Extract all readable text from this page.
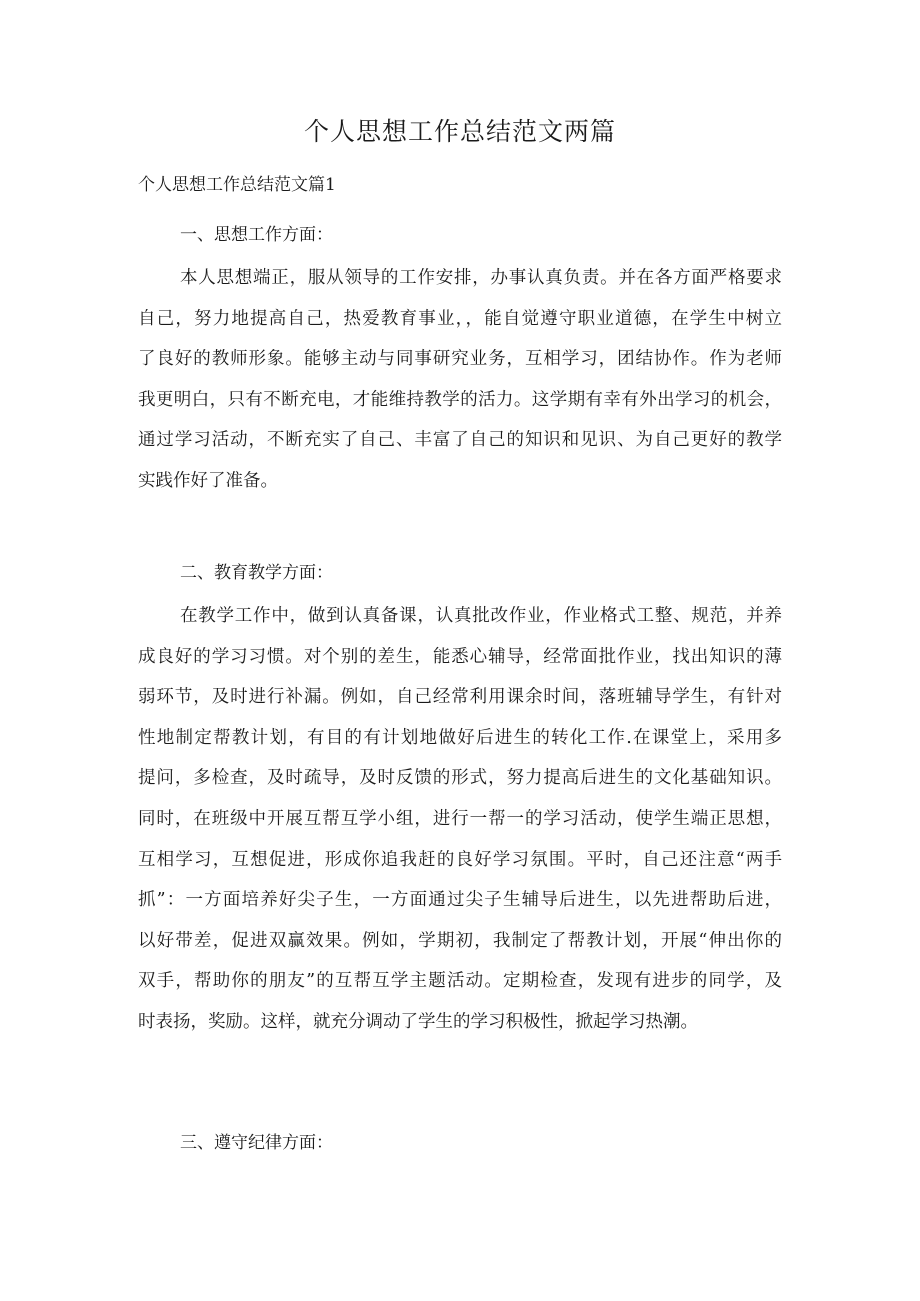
个人思想工作总结范文两篇

个人思想工作总结范文篇1

一、思想工作方面：
本人思想端正，服从领导的工作安排，办事认真负责。并在各方面严格要求
自己，努力地提高自己，热爱教育事业，，能自觉遵守职业道德，在学生中树立
了良好的教师形象。能够主动与同事研究业务，互相学习，团结协作。作为老师
我更明白，只有不断充电，才能维持教学的活力。这学期有幸有外出学习的机会，
通过学习活动，不断充实了自己、丰富了自己的知识和见识、为自己更好的教学
实践作好了准备。
二、教育教学方面：
在教学工作中，做到认真备课，认真批改作业，作业格式工整、规范，并养
成良好的学习习惯。对个别的差生，能悉心辅导，经常面批作业，找出知识的薄
弱环节，及时进行补漏。例如，自己经常利用课余时间，落班辅导学生，有针对
性地制定帮教计划，有目的有计划地做好后进生的转化工作.在课堂上，采用多
提问，多检查，及时疏导，及时反馈的形式，努力提高后进生的文化基础知识。
同时，在班级中开展互帮互学小组，进行一帮一的学习活动，使学生端正思想，
互相学习，互想促进，形成你追我赶的良好学习氛围。平时，自己还注意“两手
抓”：一方面培养好尖子生，一方面通过尖子生辅导后进生，以先进帮助后进，
以好带差，促进双赢效果。例如，学期初，我制定了帮教计划，开展“伸出你的
双手，帮助你的朋友”的互帮互学主题活动。定期检查，发现有进步的同学，及
时表扬，奖励。这样，就充分调动了学生的学习积极性，掀起学习热潮。
三、遵守纪律方面：
